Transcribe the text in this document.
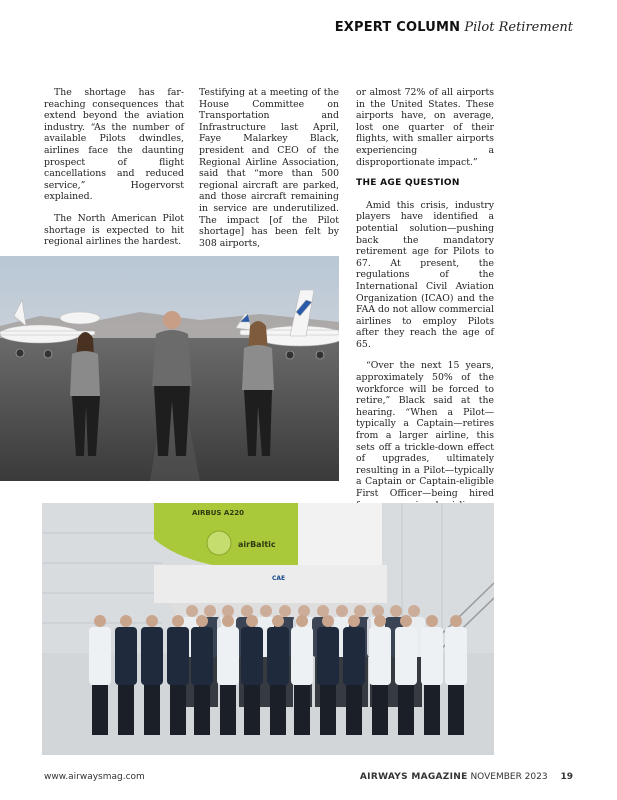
EXPERT COLUMN Pilot Retirement

The shortage has far-reaching consequences that extend beyond the aviation industry. “As the number of available Pilots dwindles, airlines face the daunting prospect of flight cancellations and reduced service,” Hogervorst explained.

The North American Pilot shortage is expected to hit regional airlines the hardest.

Testifying at a meeting of the House Committee on Transportation and Infrastructure last April, Faye Malarkey Black, president and CEO of the Regional Airline Association, said that “more than 500 regional aircraft are parked, and those aircraft remaining in service are underutilized. The impact [of the Pilot shortage] has been felt by 308 airports,

or almost 72% of all airports in the United States. These airports have, on average, lost one quarter of their flights, with smaller airports experiencing a disproportionate impact.”

THE AGE QUESTION

Amid this crisis, industry players have identified a potential solution—pushing back the mandatory retirement age for Pilots to 67. At present, the regulations of the International Civil Aviation Organization (ICAO) and the FAA do not allow commercial airlines to employ Pilots after they reach the age of 65.

“Over the next 15 years, approximately 50% of the workforce will be forced to retire,” Black said at the hearing. “When a Pilot—typically a Captain—retires from a larger airline, this sets off a trickle-down effect of upgrades, ultimately resulting in a Pilot—typically a Captain or Captain-eligible First Officer—being hired

AIRBUS A220
airBaltic
CAE
www.airwaysmag.com	AIRWAYS MAGAZINE NOVEMBER 2023 19
